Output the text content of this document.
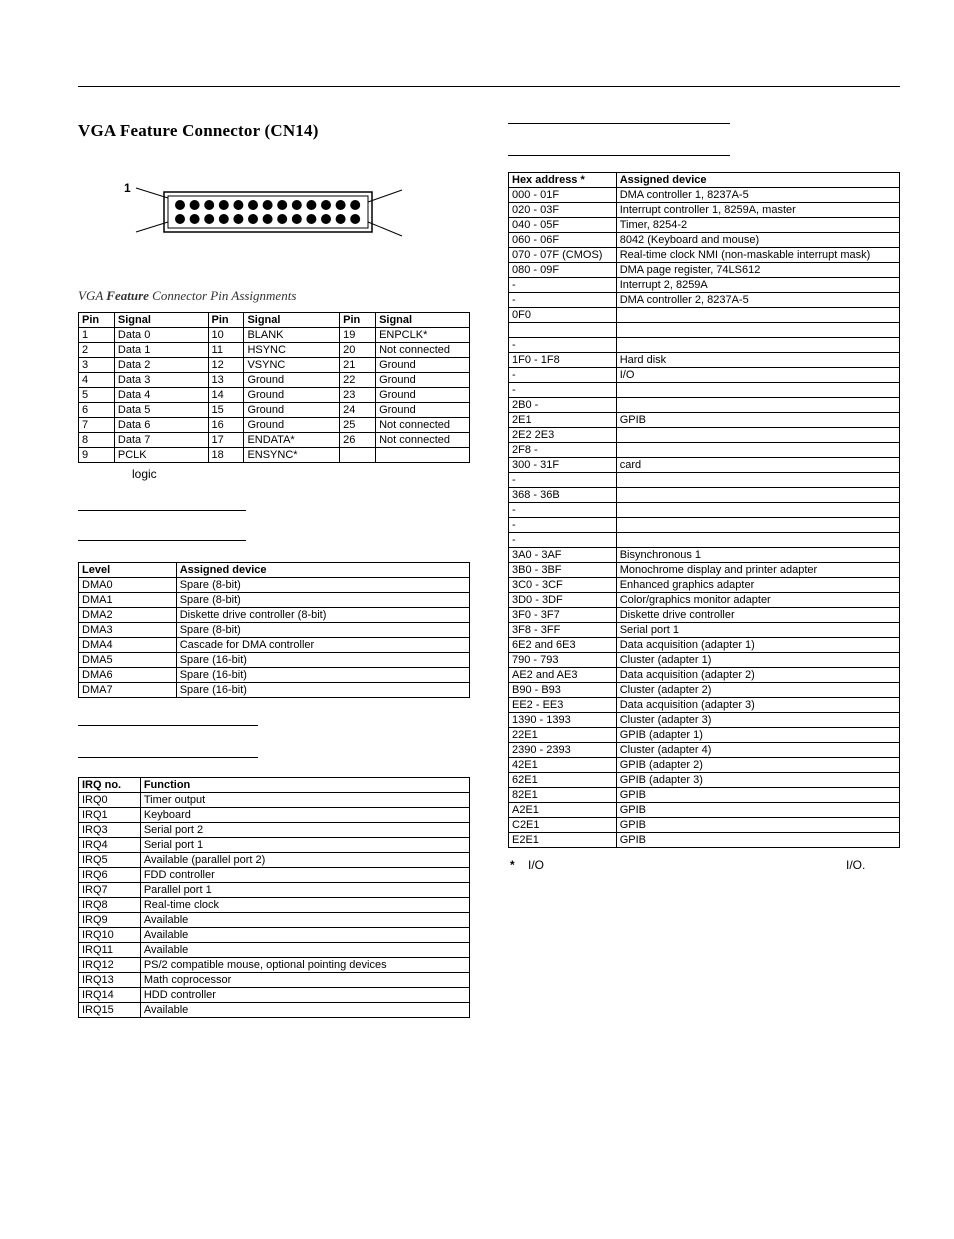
VGA Feature Connector (CN14)
1
VGA Feature Connector Pin Assignments
Pin	Signal	Pin	Signal	Pin	Signal
1	Data 0	10	BLANK	19	ENPCLK*
2	Data 1	11	HSYNC	20	Not connected
3	Data 2	12	VSYNC	21	Ground
4	Data 3	13	Ground	22	Ground
5	Data 4	14	Ground	23	Ground
6	Data 5	15	Ground	24	Ground
7	Data 6	16	Ground	25	Not connected
8	Data 7	17	ENDATA*	26	Not connected
9	PCLK	18	ENSYNC*		
logic
Level	Assigned device
DMA0	Spare (8-bit)
DMA1	Spare (8-bit)
DMA2	Diskette drive controller (8-bit)
DMA3	Spare (8-bit)
DMA4	Cascade for DMA controller
DMA5	Spare (16-bit)
DMA6	Spare (16-bit)
DMA7	Spare (16-bit)
IRQ no.	Function
IRQ0	Timer output
IRQ1	Keyboard
IRQ3	Serial port 2
IRQ4	Serial port 1
IRQ5	Available (parallel port 2)
IRQ6	FDD controller
IRQ7	Parallel port 1
IRQ8	Real-time clock
IRQ9	Available
IRQ10	Available
IRQ11	Available
IRQ12	PS/2 compatible mouse, optional pointing devices
IRQ13	Math coprocessor
IRQ14	HDD controller
IRQ15	Available
Hex address *	Assigned device
000 - 01F	DMA controller 1, 8237A-5
020 - 03F	Interrupt controller 1, 8259A, master
040 - 05F	Timer, 8254-2
060 - 06F	8042 (Keyboard and mouse)
070 - 07F (CMOS)	Real-time clock NMI (non-maskable interrupt mask)
080 - 09F	DMA page register, 74LS612
-	Interrupt 2, 8259A
-	DMA controller 2, 8237A-5
0F0	

-	
1F0 - 1F8	Hard disk
-	I/O
-	
2B0 -	
2E1	GPIB
2E2 2E3	
2F8 -	
300 - 31F	card
-	
368 - 36B	
-	
-	
-	
3A0 - 3AF	Bisynchronous 1
3B0 - 3BF	Monochrome display and printer adapter
3C0 - 3CF	Enhanced graphics adapter
3D0 - 3DF	Color/graphics monitor adapter
3F0 - 3F7	Diskette drive controller
3F8 - 3FF	Serial port 1
6E2 and 6E3	Data acquisition (adapter 1)
790 - 793	Cluster (adapter 1)
AE2 and AE3	Data acquisition (adapter 2)
B90 - B93	Cluster (adapter 2)
EE2 - EE3	Data acquisition (adapter 3)
1390 - 1393	Cluster (adapter 3)
22E1	GPIB (adapter 1)
2390 - 2393	Cluster (adapter 4)
42E1	GPIB (adapter 2)
62E1	GPIB (adapter 3)
82E1	GPIB
A2E1	GPIB
C2E1	GPIB
E2E1	GPIB
* I/O	I/O.
